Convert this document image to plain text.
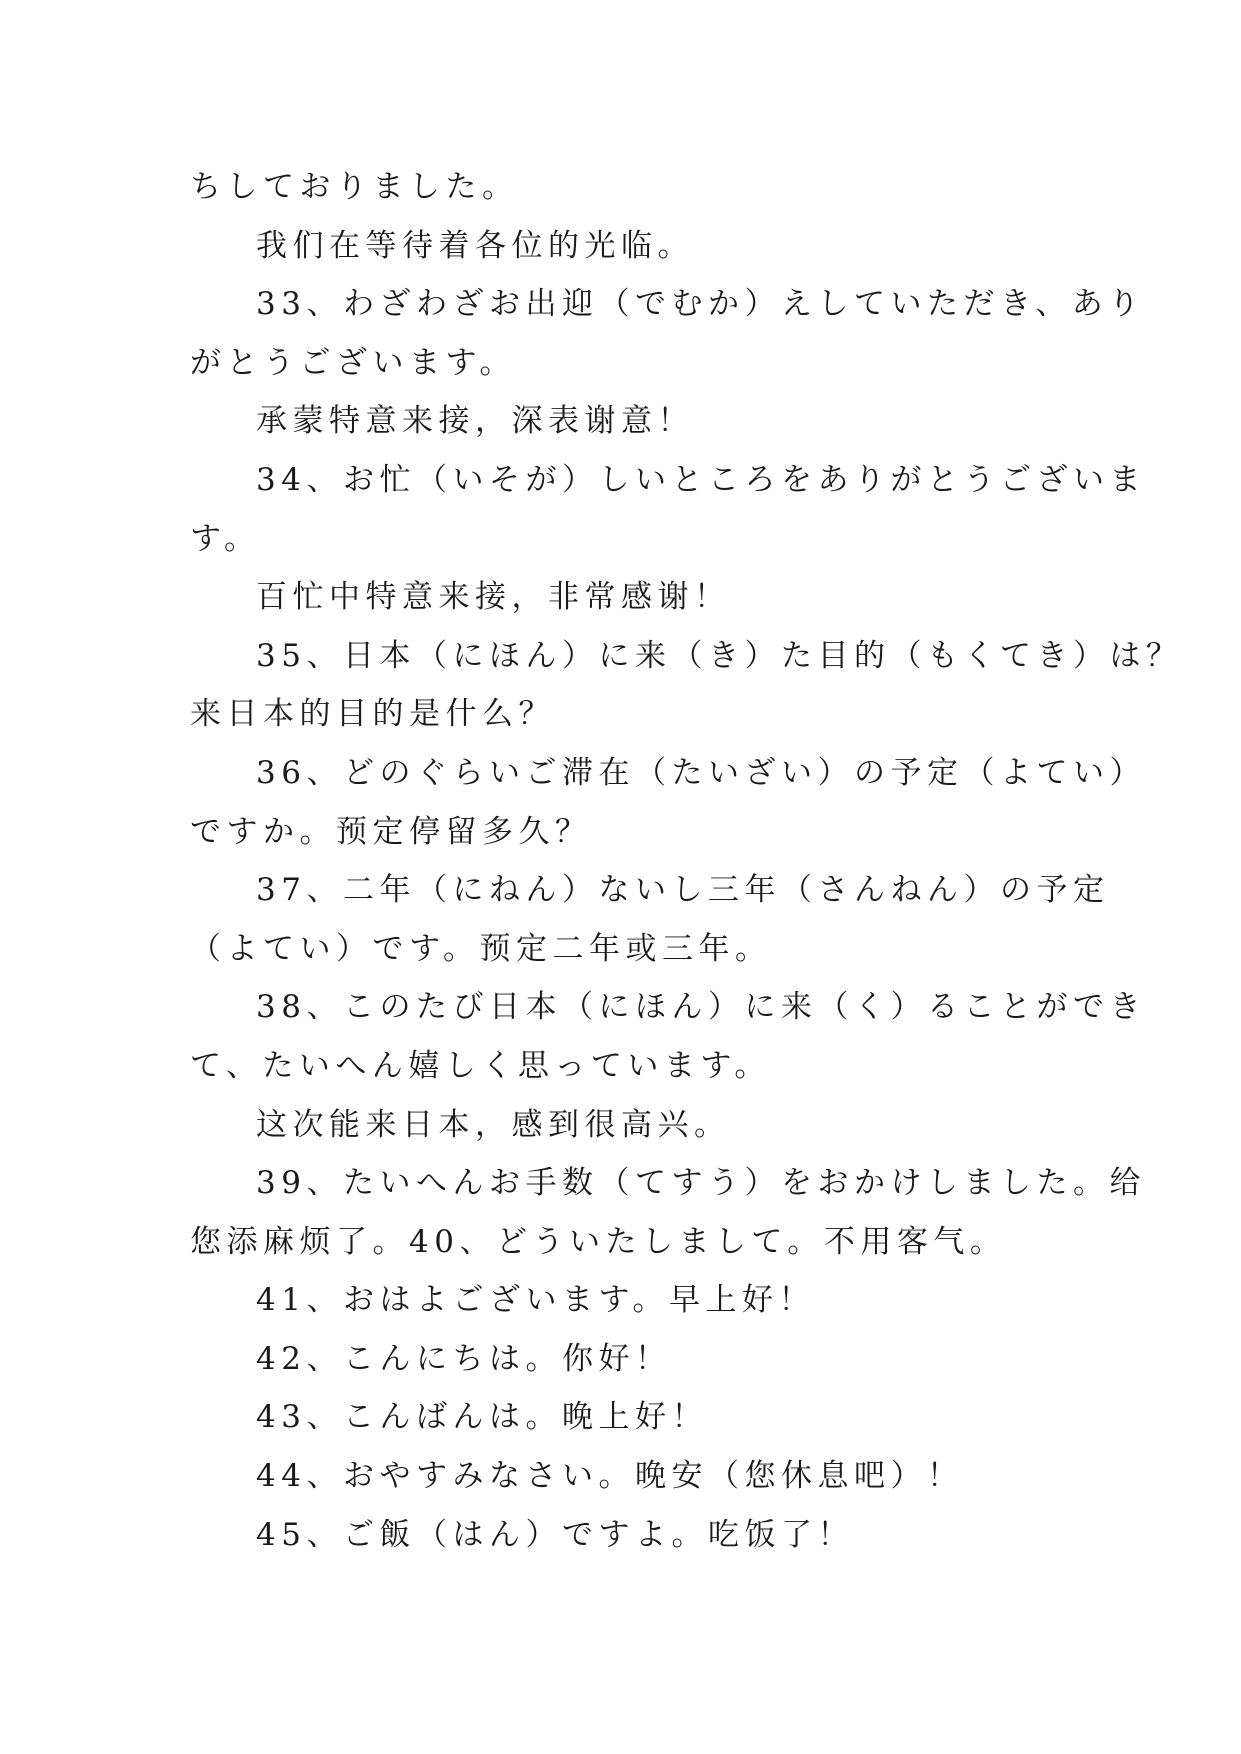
ちしておりました。
我们在等待着各位的光临。
33、わざわざお出迎（でむか）えしていただき、あり
がとうございます。
承蒙特意来接，深表谢意！
34、お忙（いそが）しいところをありがとうございま
す。
百忙中特意来接，非常感谢！
35、日本（にほん）に来（き）た目的（もくてき）は？
来日本的目的是什么？
36、どのぐらいご滞在（たいざい）の予定（よてい）
ですか。预定停留多久？
37、二年（にねん）ないし三年（さんねん）の予定
（よてい）です。预定二年或三年。
38、このたび日本（にほん）に来（く）ることができ
て、たいへん嬉しく思っています。
这次能来日本，感到很高兴。
39、たいへんお手数（てすう）をおかけしました。给
您添麻烦了。40、どういたしまして。不用客气。
41、おはよございます。早上好！
42、こんにちは。你好！
43、こんばんは。晚上好！
44、おやすみなさい。晚安（您休息吧）！
45、ご飯（はん）ですよ。吃饭了！
